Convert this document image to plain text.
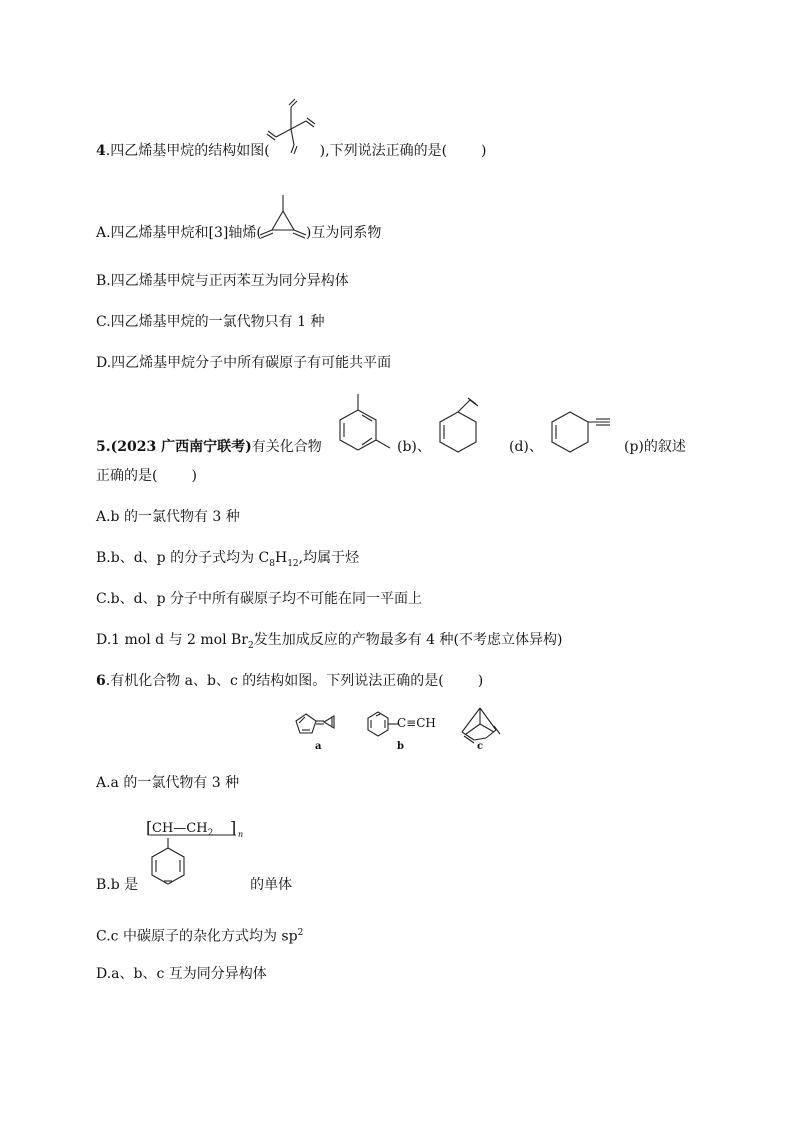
4.四乙烯基甲烷的结构如图(	),下列说法正确的是( )
A.四乙烯基甲烷和[3]轴烯(	)互为同系物
B.四乙烯基甲烷与正丙苯互为同分异构体
C.四乙烯基甲烷的一氯代物只有 1 种
D.四乙烯基甲烷分子中所有碳原子有可能共平面
5.(2023 广西南宁联考)有关化合物	(b)、	(d)、	(p)的叙述
正确的是( )
A.b 的一氯代物有 3 种
B.b、d、p 的分子式均为 $C_8H_{12}$,均属于烃
C.b、d、p 分子中所有碳原子均不可能在同一平面上
D.1 mol d 与 2 mol $Br_2$发生加成反应的产物最多有 4 种(不考虑立体异构)
6.有机化合物 a、b、c 的结构如图。下列说法正确的是( )
a
C≡CH
b	c
A.a 的一氯代物有 3 种
[ $CH—CH_2$ ] n
B.b 是	的单体
C.c 中碳原子的杂化方式均为 $sp^2$
D.a、b、c 互为同分异构体
